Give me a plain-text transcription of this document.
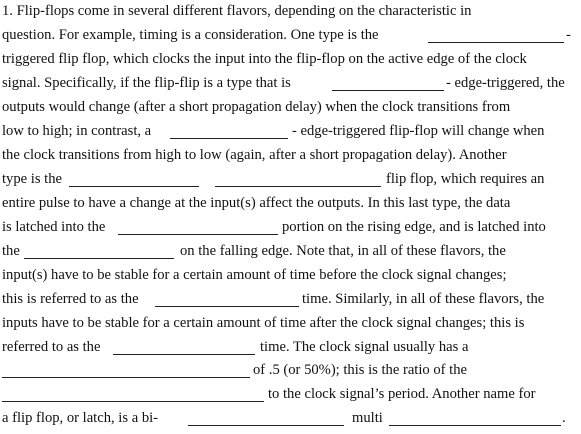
1. Flip-flops come in several different flavors, depending on the characteristic in
question. For example, timing is a consideration. One type is the	-
triggered flip flop, which clocks the input into the flip-flop on the active edge of the clock
signal. Specifically, if the flip-flip is a type that is	- edge-triggered, the
outputs would change (after a short propagation delay) when the clock transitions from
low to high; in contrast, a	- edge-triggered flip-flop will change when
the clock transitions from high to low (again, after a short propagation delay). Another
type is the	flip flop, which requires an
entire pulse to have a change at the input(s) affect the outputs. In this last type, the data
is latched into the	portion on the rising edge, and is latched into
the	on the falling edge. Note that, in all of these flavors, the
input(s) have to be stable for a certain amount of time before the clock signal changes;
this is referred to as the	time. Similarly, in all of these flavors, the
inputs have to be stable for a certain amount of time after the clock signal changes; this is
referred to as the	time. The clock signal usually has a
of .5 (or 50%); this is the ratio of the
to the clock signal’s period. Another name for
a flip flop, or latch, is a bi-	multi	.
